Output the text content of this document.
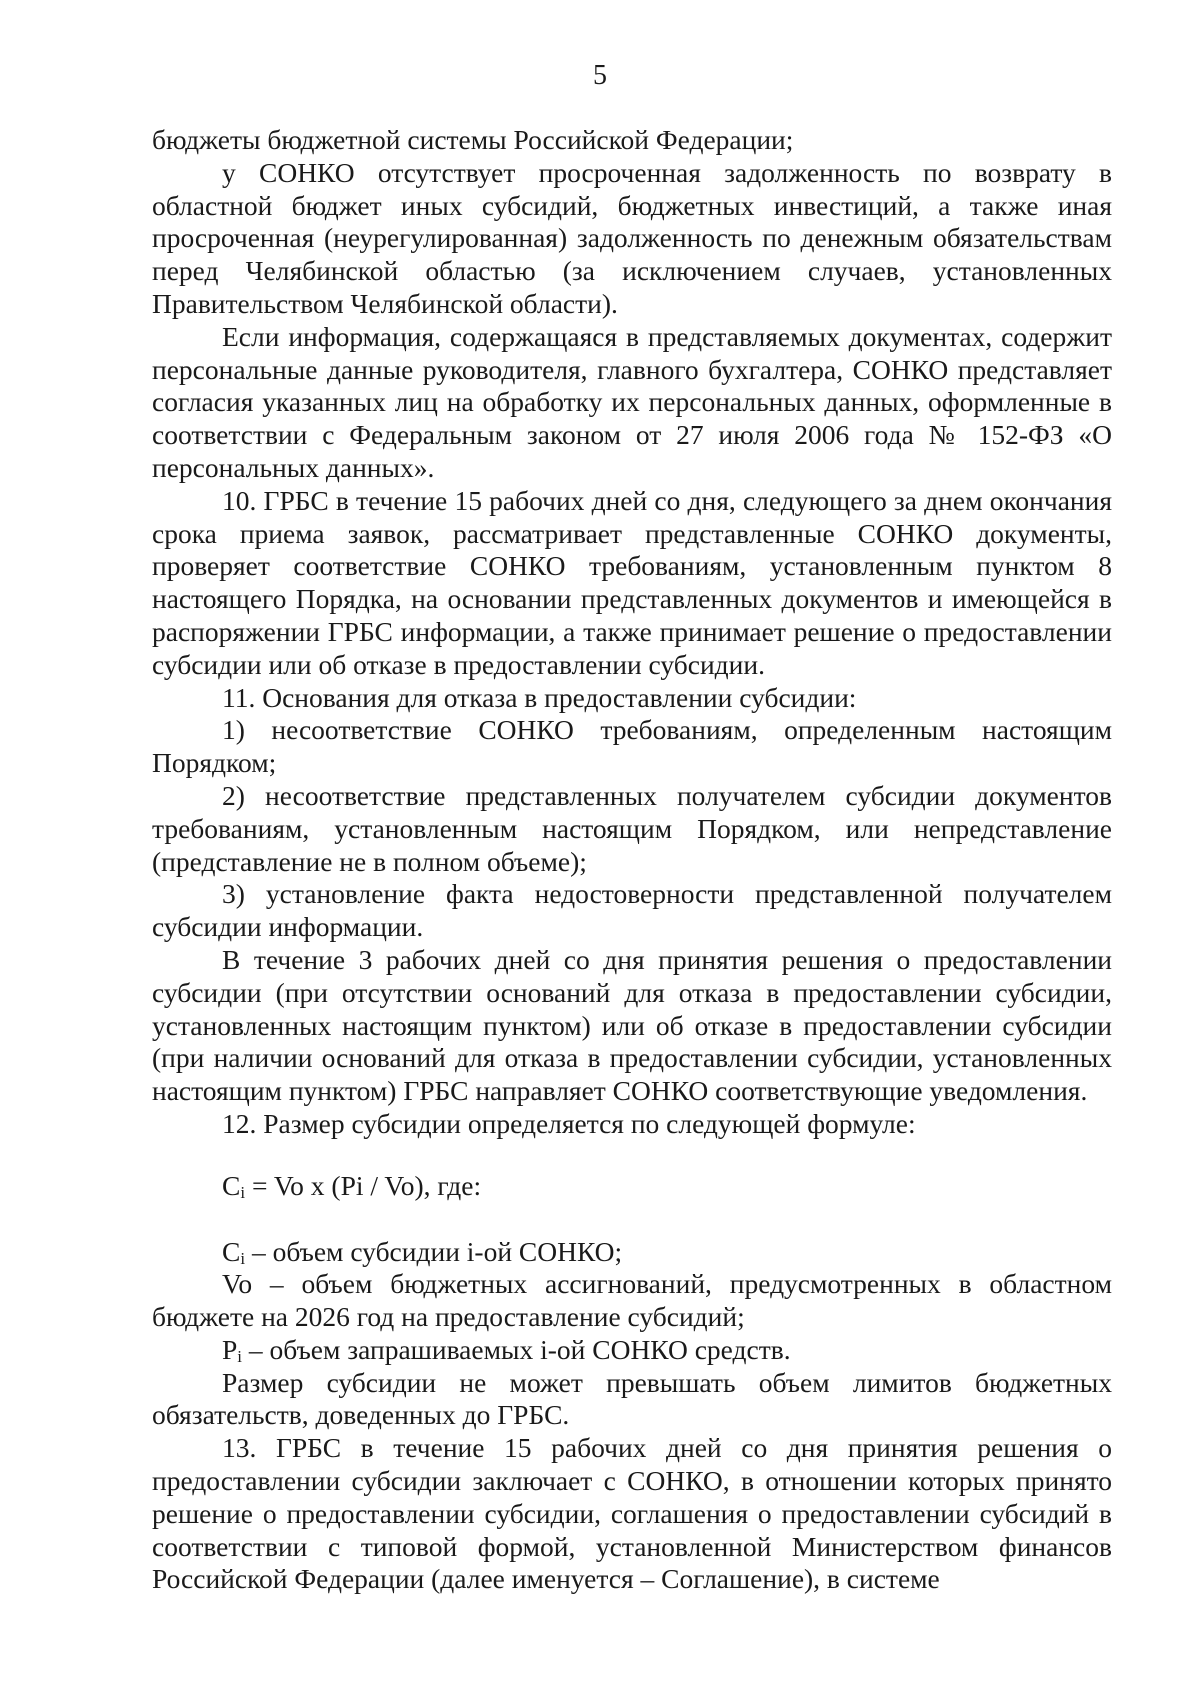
5

бюджеты бюджетной системы Российской Федерации;

у СОНКО отсутствует просроченная задолженность по возврату в областной бюджет иных субсидий, бюджетных инвестиций, а также иная просроченная (неурегулированная) задолженность по денежным обязательствам перед Челябинской областью (за исключением случаев, установленных Правительством Челябинской области).

Если информация, содержащаяся в представляемых документах, содержит персональные данные руководителя, главного бухгалтера, СОНКО представляет согласия указанных лиц на обработку их персональных данных, оформленные в соответствии с Федеральным законом от 27 июля 2006 года № 152-ФЗ «О персональных данных».

10. ГРБС в течение 15 рабочих дней со дня, следующего за днем окончания срока приема заявок, рассматривает представленные СОНКО документы, проверяет соответствие СОНКО требованиям, установленным пунктом 8 настоящего Порядка, на основании представленных документов и имеющейся в распоряжении ГРБС информации, а также принимает решение о предоставлении субсидии или об отказе в предоставлении субсидии.

11. Основания для отказа в предоставлении субсидии:

1) несоответствие СОНКО требованиям, определенным настоящим Порядком;

2) несоответствие представленных получателем субсидии документов требованиям, установленным настоящим Порядком, или непредставление (представление не в полном объеме);

3) установление факта недостоверности представленной получателем субсидии информации.

В течение 3 рабочих дней со дня принятия решения о предоставлении субсидии (при отсутствии оснований для отказа в предоставлении субсидии, установленных настоящим пунктом) или об отказе в предоставлении субсидии (при наличии оснований для отказа в предоставлении субсидии, установленных настоящим пунктом) ГРБС направляет СОНКО соответствующие уведомления.

12. Размер субсидии определяется по следующей формуле:

$C_i = Vo$ x (Pi / Vo), где:

$C_i$ – объем субсидии i-ой СОНКО;

Vo – объем бюджетных ассигнований, предусмотренных в областном бюджете на 2026 год на предоставление субсидий;

$P_i$ – объем запрашиваемых i-ой СОНКО средств.

Размер субсидии не может превышать объем лимитов бюджетных обязательств, доведенных до ГРБС.

13. ГРБС в течение 15 рабочих дней со дня принятия решения о предоставлении субсидии заключает с СОНКО, в отношении которых принято решение о предоставлении субсидии, соглашения о предоставлении субсидий в соответствии с типовой формой, установленной Министерством финансов Российской Федерации (далее именуется – Соглашение), в системе
